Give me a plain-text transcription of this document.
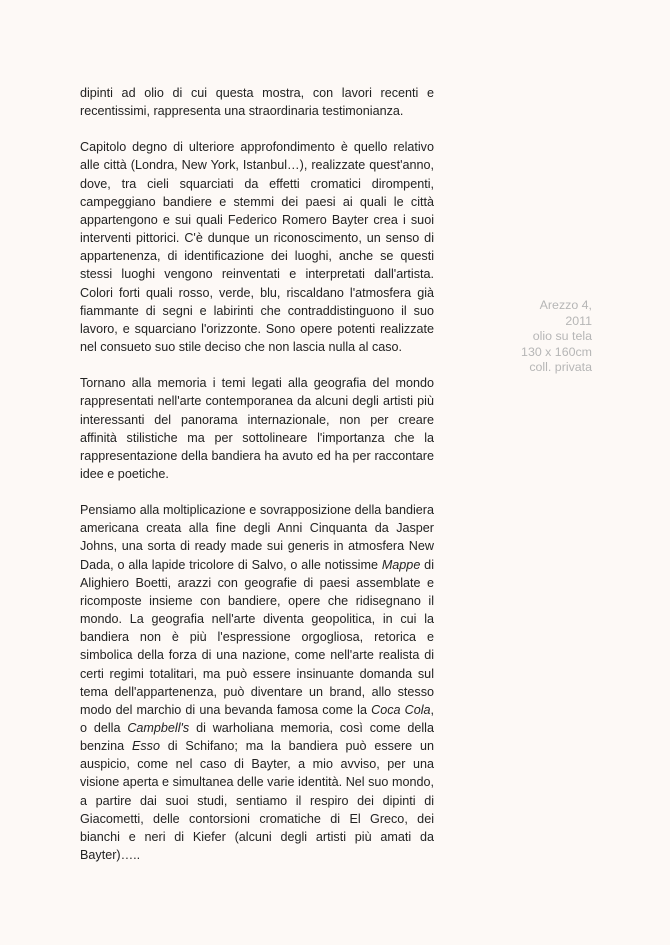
dipinti ad olio di cui questa mostra, con lavori recenti e recentissimi, rappresenta una straordinaria testimonianza.

Capitolo degno di ulteriore approfondimento è quello relativo alle città (Londra, New York, Istanbul…), realizzate quest'anno, dove, tra cieli squarciati da effetti cromatici dirompenti, campeggiano bandiere e stemmi dei paesi ai quali le città appartengono e sui quali Federico Romero Bayter crea i suoi interventi pittorici. C'è dunque un riconoscimento, un senso di appartenenza, di identificazione dei luoghi, anche se questi stessi luoghi vengono reinventati e interpretati dall'artista. Colori forti quali rosso, verde, blu, riscaldano l'atmosfera già fiammante di segni e labirinti che contraddistinguono il suo lavoro, e squarciano l'orizzonte. Sono opere potenti realizzate nel consueto suo stile deciso che non lascia nulla al caso.

Tornano alla memoria i temi legati alla geografia del mondo rappresentati nell'arte contemporanea da alcuni degli artisti più interessanti del panorama internazionale, non per creare affinità stilistiche ma per sottolineare l'importanza che la rappresentazione della bandiera ha avuto ed ha per raccontare idee e poetiche.

Pensiamo alla moltiplicazione e sovrapposizione della bandiera americana creata alla fine degli Anni Cinquanta da Jasper Johns, una sorta di ready made sui generis in atmosfera New Dada, o alla lapide tricolore di Salvo, o alle notissime Mappe di Alighiero Boetti, arazzi con geografie di paesi assemblate e ricomposte insieme con bandiere, opere che ridisegnano il mondo. La geografia nell'arte diventa geopolitica, in cui la bandiera non è più l'espressione orgogliosa, retorica e simbolica della forza di una nazione, come nell'arte realista di certi regimi totalitari, ma può essere insinuante domanda sul tema dell'appartenenza, può diventare un brand, allo stesso modo del marchio di una bevanda famosa come la Coca Cola, o della Campbell's di warholiana memoria, così come della benzina Esso di Schifano; ma la bandiera può essere un auspicio, come nel caso di Bayter, a mio avviso, per una visione aperta e simultanea delle varie identità. Nel suo mondo, a partire dai suoi studi, sentiamo il respiro dei dipinti di Giacometti, delle contorsioni cromatiche di El Greco, dei bianchi e neri di Kiefer (alcuni degli artisti più amati da Bayter)…..

Arezzo 4,
2011
olio su tela
130 x 160cm
coll. privata
